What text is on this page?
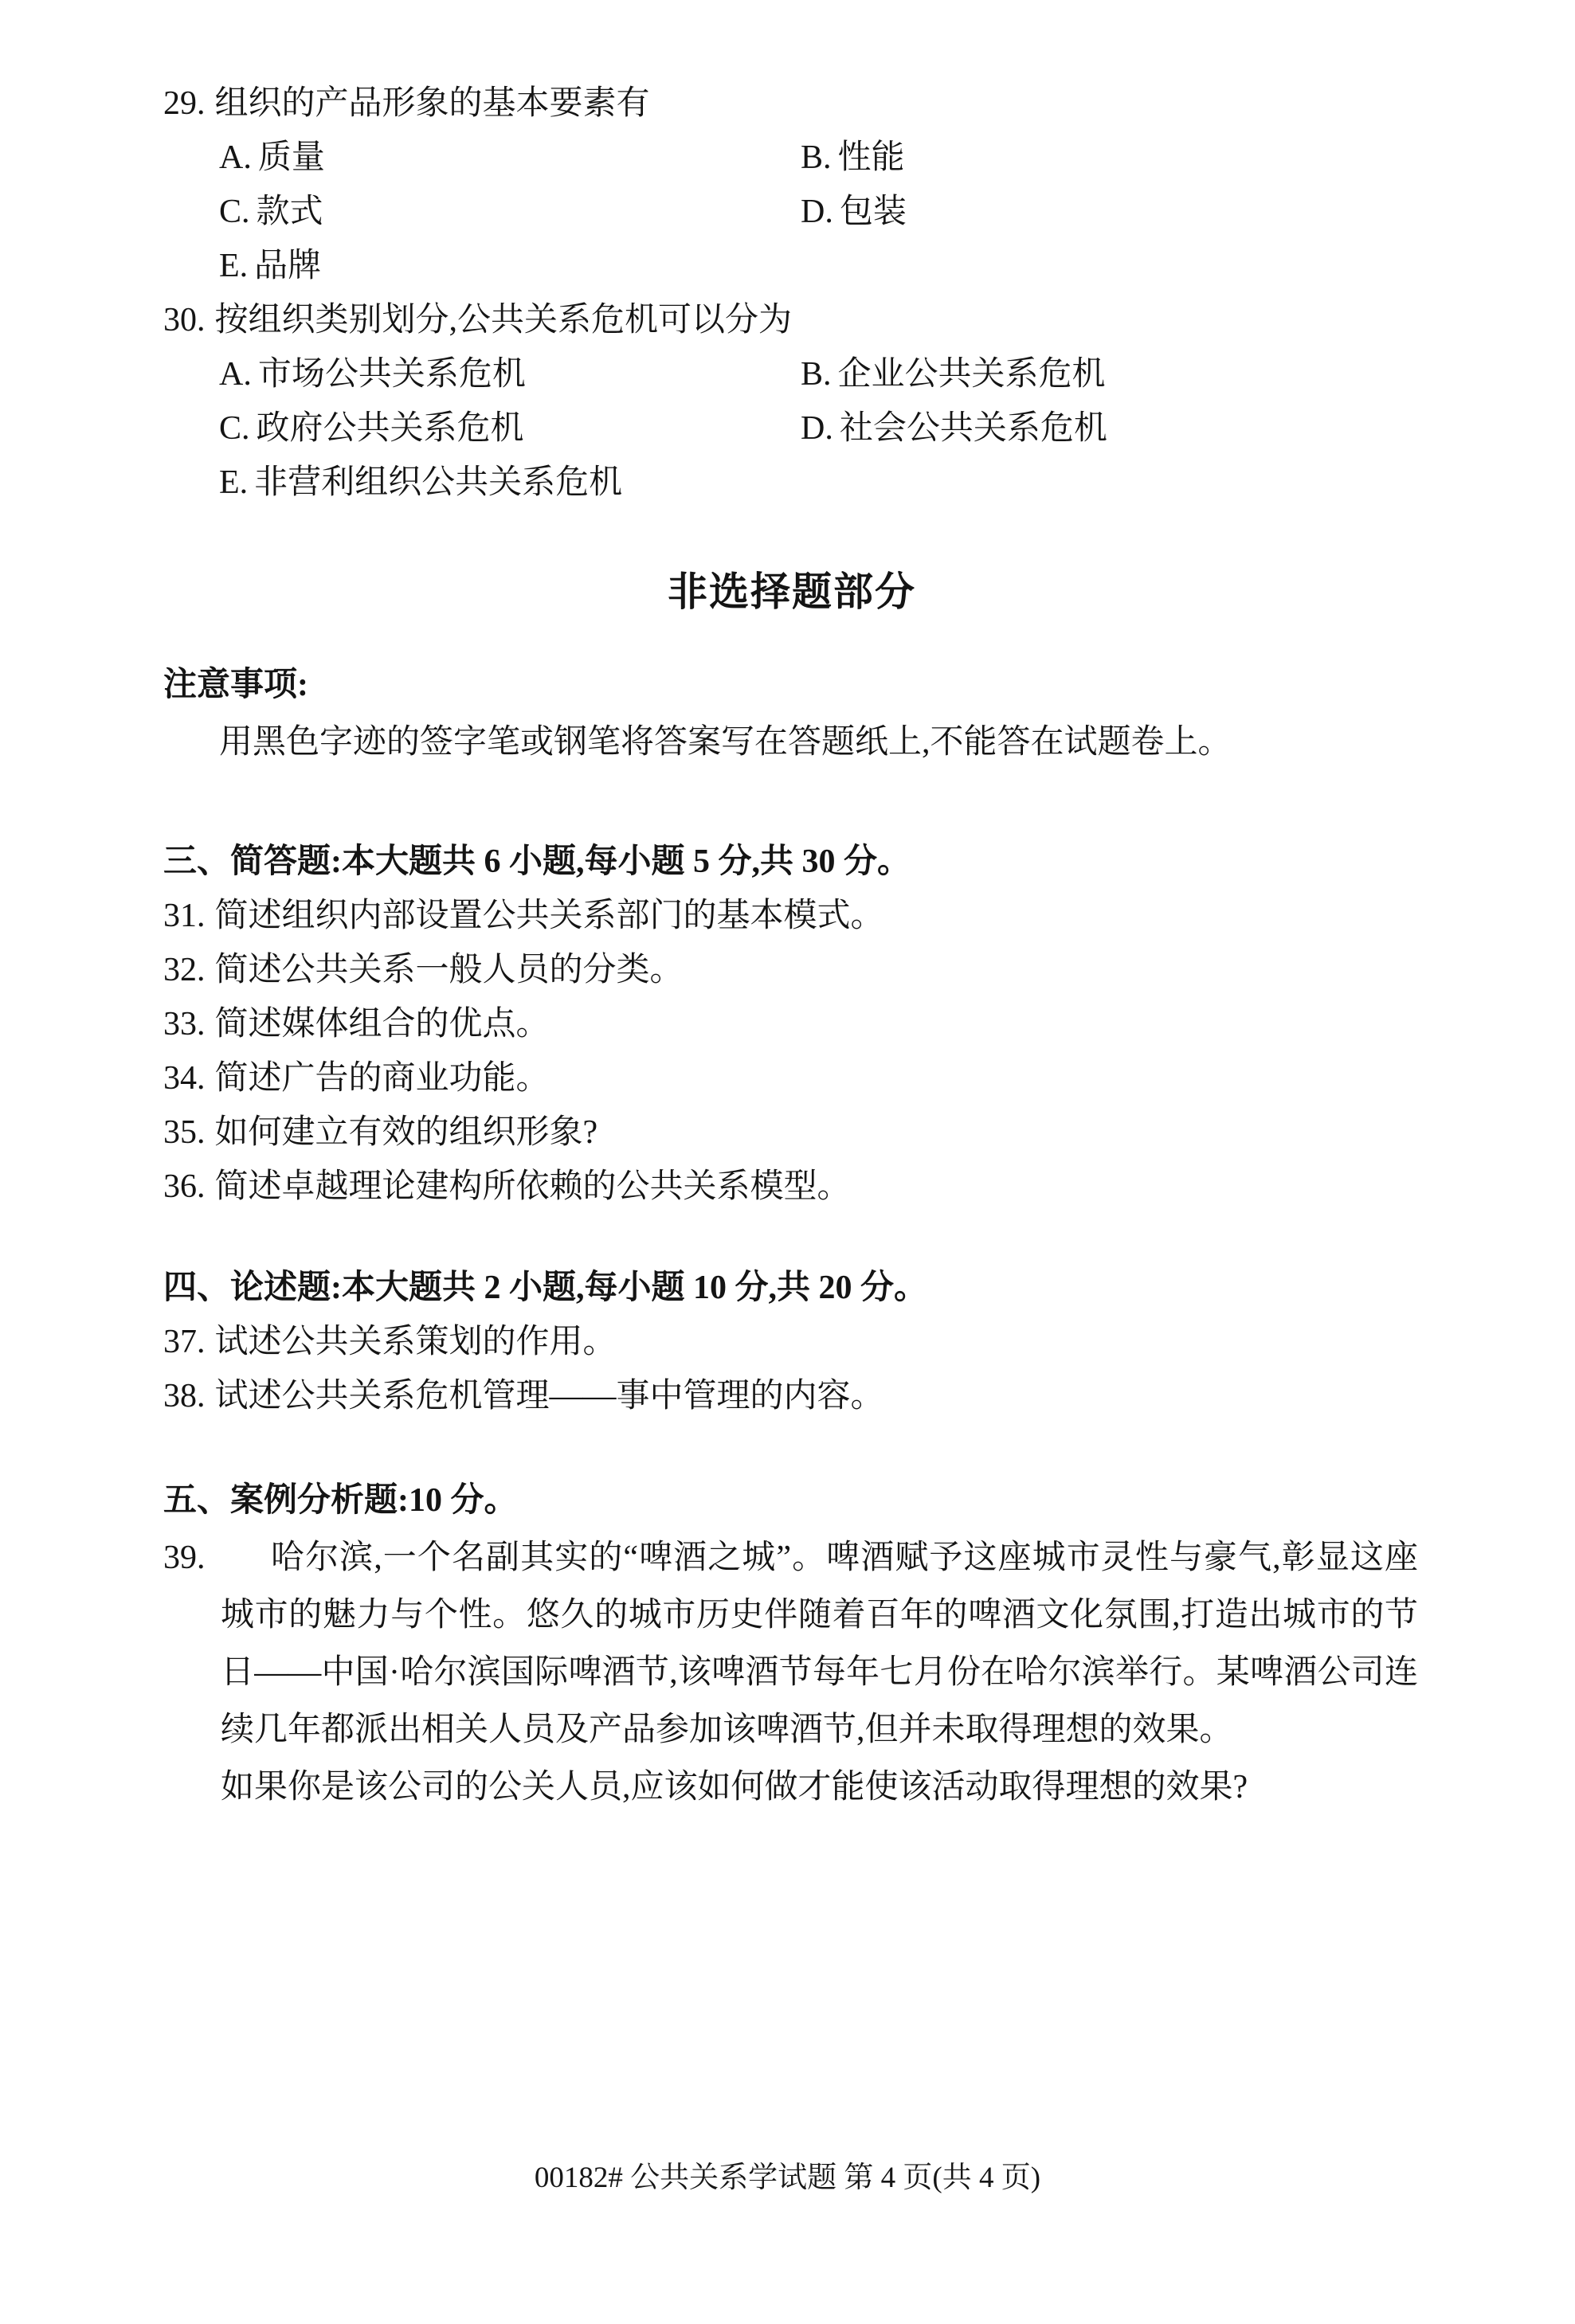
29. 组织的产品形象的基本要素有
A. 质量	B. 性能
C. 款式	D. 包装
E. 品牌
30. 按组织类别划分,公共关系危机可以分为
A. 市场公共关系危机	B. 企业公共关系危机
C. 政府公共关系危机	D. 社会公共关系危机
E. 非营利组织公共关系危机
非选择题部分
注意事项:
用黑色字迹的签字笔或钢笔将答案写在答题纸上,不能答在试题卷上。
三、简答题:本大题共 6 小题,每小题 5 分,共 30 分。
31. 简述组织内部设置公共关系部门的基本模式。
32. 简述公共关系一般人员的分类。
33. 简述媒体组合的优点。
34. 简述广告的商业功能。
35. 如何建立有效的组织形象?
36. 简述卓越理论建构所依赖的公共关系模型。
四、论述题:本大题共 2 小题,每小题 10 分,共 20 分。
37. 试述公共关系策划的作用。
38. 试述公共关系危机管理——事中管理的内容。
五、案例分析题:10 分。
39.	哈尔滨,一个名副其实的“啤酒之城”。啤酒赋予这座城市灵性与豪气,彰显这座城市的魅力与个性。悠久的城市历史伴随着百年的啤酒文化氛围,打造出城市的节日——中国·哈尔滨国际啤酒节,该啤酒节每年七月份在哈尔滨举行。某啤酒公司连续几年都派出相关人员及产品参加该啤酒节,但并未取得理想的效果。

如果你是该公司的公关人员,应该如何做才能使该活动取得理想的效果?

00182# 公共关系学试题 第 4 页(共 4 页)
